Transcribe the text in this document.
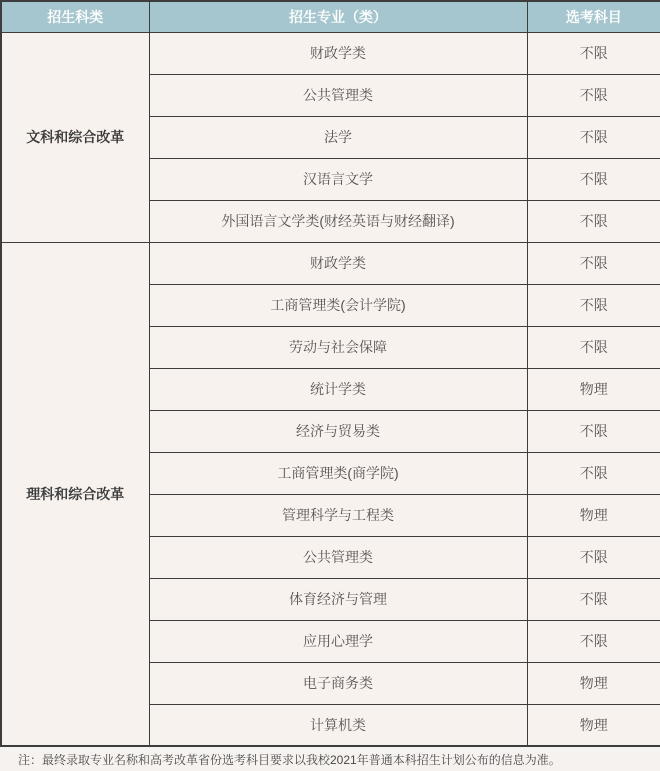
招生科类	招生专业（类）	选考科目
文科和综合改革	财政学类	不限
	公共管理类	不限
	法学	不限
	汉语言文学	不限
	外国语言文学类(财经英语与财经翻译)	不限
理科和综合改革	财政学类	不限
	工商管理类(会计学院)	不限
	劳动与社会保障	不限
	统计学类	物理
	经济与贸易类	不限
	工商管理类(商学院)	不限
	管理科学与工程类	物理
	公共管理类	不限
	体育经济与管理	不限
	应用心理学	不限
	电子商务类	物理
	计算机类	物理
注：最终录取专业名称和高考改革省份选考科目要求以我校2021年普通本科招生计划公布的信息为准。
